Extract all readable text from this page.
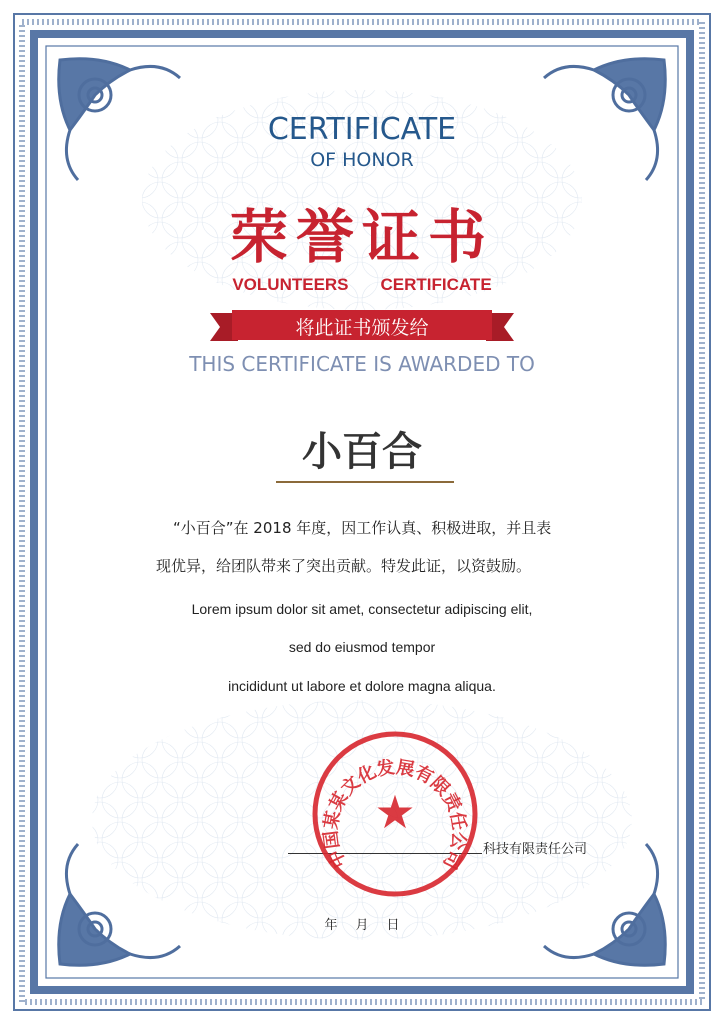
CERTIFICATE
OF HONOR
荣誉证书
VOLUNTEERS CERTIFICATE
将此证书颁发给
THIS CERTIFICATE IS AWARDED TO
小百合
“小百合”在 2018 年度，因工作认真、积极进取，并且表
现优异，给团队带来了突出贡献。特发此证，以资鼓励。
Lorem ipsum dolor sit amet, consectetur adipiscing elit,
sed do eiusmod tempor
incididunt ut labore et dolore magna aliqua.
科技有限责任公司
中国某某文化发展有限责任公司
★
年 月 日
